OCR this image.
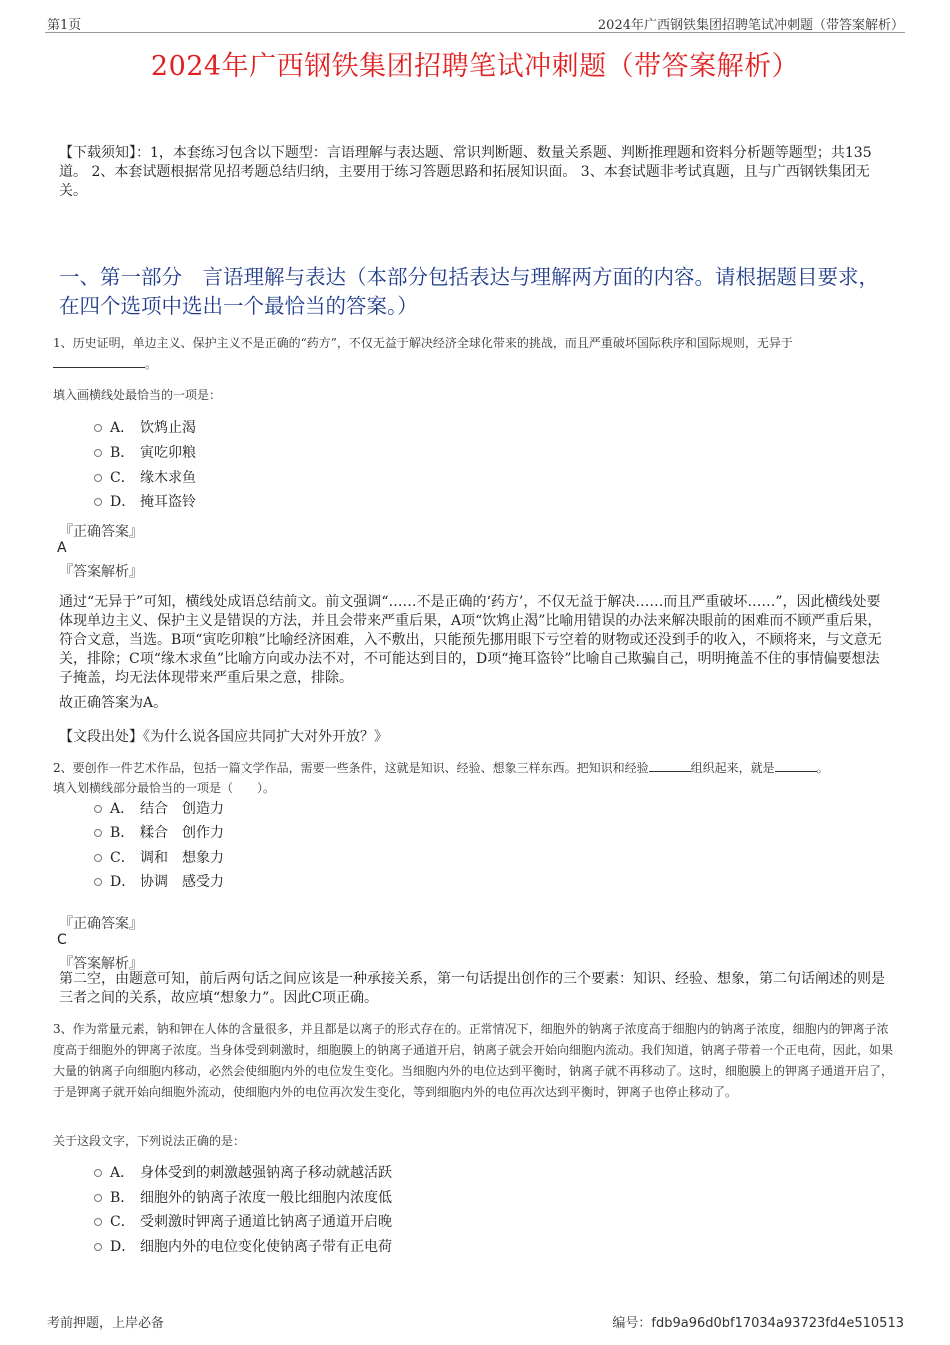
第1页	2024年广西钢铁集团招聘笔试冲刺题（带答案解析）
2024年广西钢铁集团招聘笔试冲刺题（带答案解析）
【下载须知】：1，本套练习包含以下题型：言语理解与表达题、常识判断题、数量关系题、判断推理题和资料分析题等题型；共135道。 2、本套试题根据常见招考题总结归纳，主要用于练习答题思路和拓展知识面。 3、本套试题非考试真题，且与广西钢铁集团无关。
一、第一部分　言语理解与表达（本部分包括表达与理解两方面的内容。请根据题目要求，在四个选项中选出一个最恰当的答案。）
1、历史证明，单边主义、保护主义不是正确的“药方”，不仅无益于解决经济全球化带来的挑战，而且严重破坏国际秩序和国际规则，无异于
。
填入画横线处最恰当的一项是：
A． 饮鸩止渴
B． 寅吃卯粮
C． 缘木求鱼
D． 掩耳盗铃
『正确答案』
A
『答案解析』
通过“无异于”可知，横线处成语总结前文。前文强调“……不是正确的‘药方’，不仅无益于解决……而且严重破坏……”，因此横线处要体现单边主义、保护主义是错误的方法，并且会带来严重后果，A项“饮鸩止渴”比喻用错误的办法来解决眼前的困难而不顾严重后果，符合文意，当选。B项“寅吃卯粮”比喻经济困难，入不敷出，只能预先挪用眼下亏空着的财物或还没到手的收入，不顾将来，与文意无关，排除；C项“缘木求鱼”比喻方向或办法不对，不可能达到目的，D项“掩耳盗铃”比喻自己欺骗自己，明明掩盖不住的事情偏要想法子掩盖，均无法体现带来严重后果之意，排除。
故正确答案为A。
【文段出处】《为什么说各国应共同扩大对外开放？》
2、要创作一件艺术作品，包括一篇文学作品，需要一些条件，这就是知识、经验、想象三样东西。把知识和经验	组织起来，就是	。
填入划横线部分最恰当的一项是（　　）。
A． 结合　创造力
B． 糅合　创作力
C． 调和　想象力
D． 协调　感受力
『正确答案』
C
『答案解析』
第二空，由题意可知，前后两句话之间应该是一种承接关系，第一句话提出创作的三个要素：知识、经验、想象，第二句话阐述的则是三者之间的关系，故应填“想象力”。因此C项正确。
3、作为常量元素，钠和钾在人体的含量很多，并且都是以离子的形式存在的。正常情况下，细胞外的钠离子浓度高于细胞内的钠离子浓度，细胞内的钾离子浓度高于细胞外的钾离子浓度。当身体受到刺激时，细胞膜上的钠离子通道开启，钠离子就会开始向细胞内流动。我们知道，钠离子带着一个正电荷，因此，如果大量的钠离子向细胞内移动，必然会使细胞内外的电位发生变化。当细胞内外的电位达到平衡时，钠离子就不再移动了。这时，细胞膜上的钾离子通道开启了，于是钾离子就开始向细胞外流动，使细胞内外的电位再次发生变化，等到细胞内外的电位再次达到平衡时，钾离子也停止移动了。
关于这段文字，下列说法正确的是：
A． 身体受到的刺激越强钠离子移动就越活跃
B． 细胞外的钠离子浓度一般比细胞内浓度低
C． 受刺激时钾离子通道比钠离子通道开启晚
D． 细胞内外的电位变化使钠离子带有正电荷
考前押题，上岸必备	编号：fdb9a96d0bf17034a93723fd4e510513
